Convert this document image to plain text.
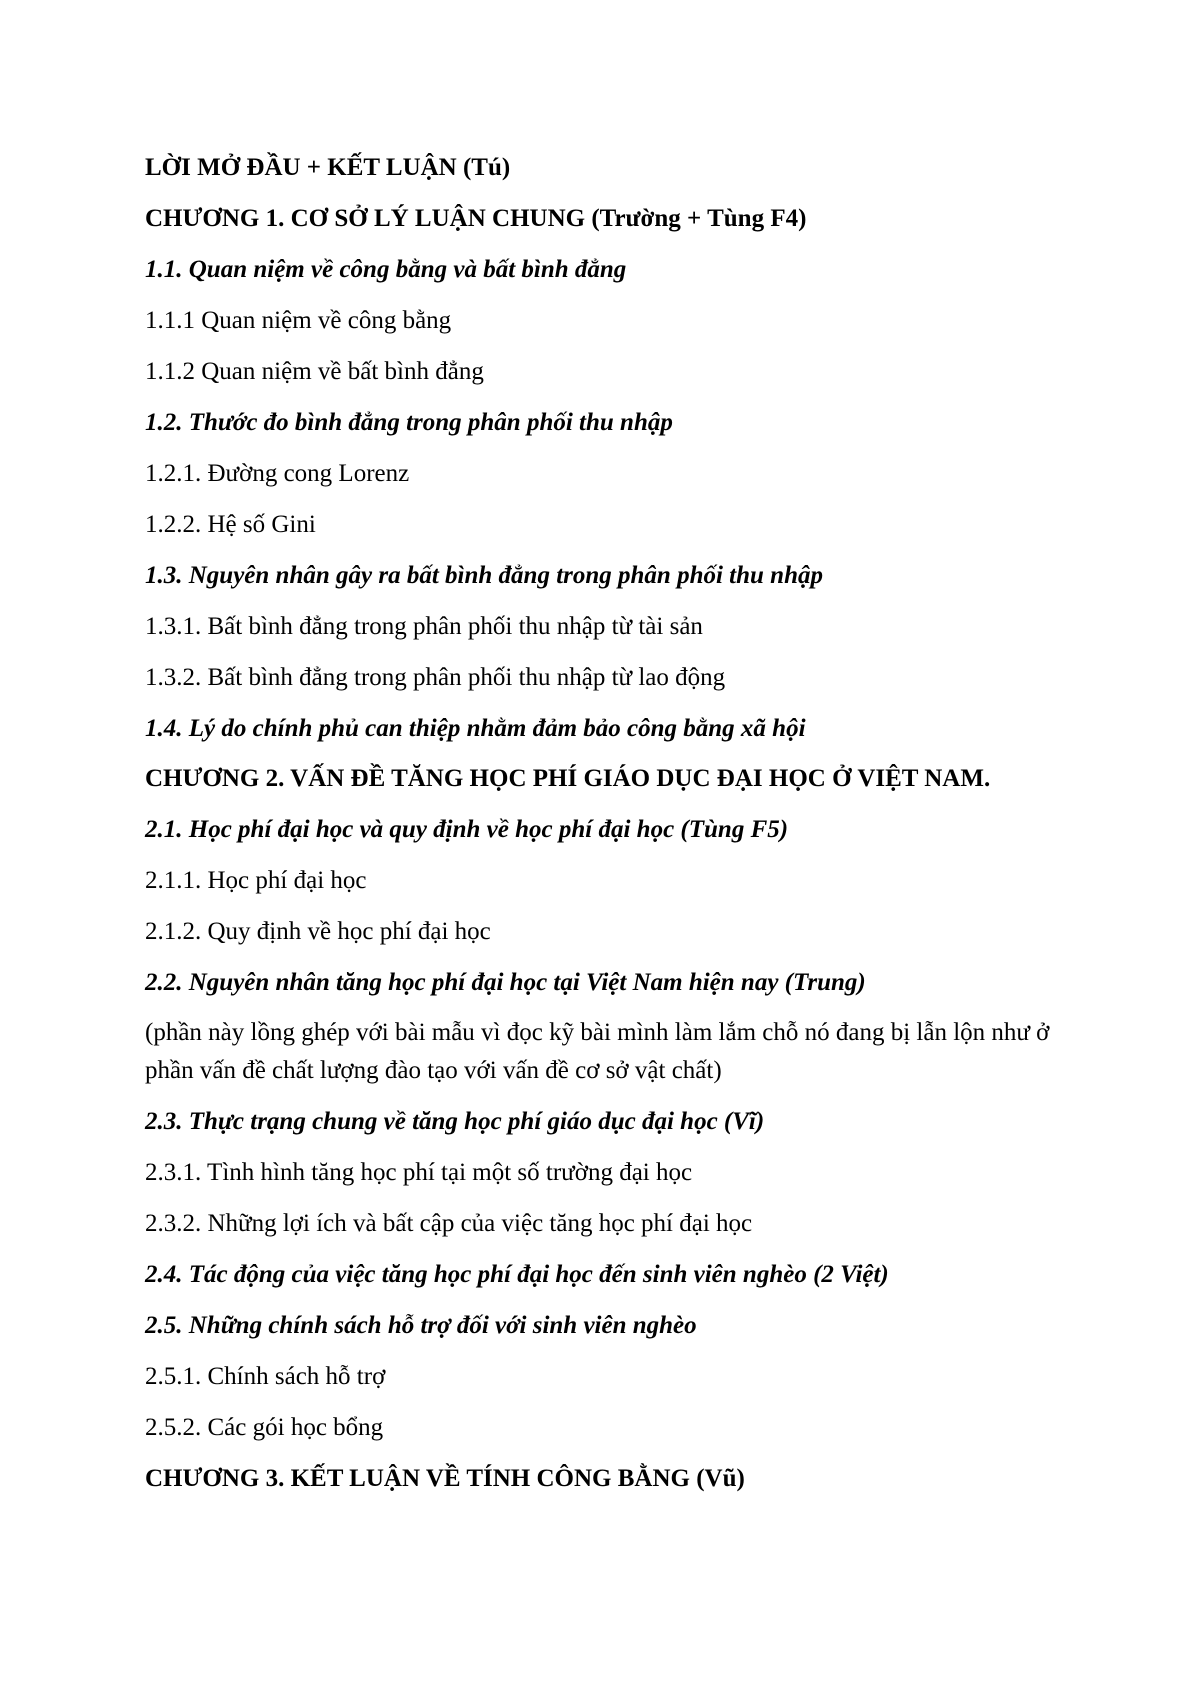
LỜI MỞ ĐẦU + KẾT LUẬN (Tú)
CHƯƠNG 1. CƠ SỞ LÝ LUẬN CHUNG (Trường + Tùng F4)
1.1. Quan niệm về công bằng và bất bình đẳng
1.1.1 Quan niệm về công bằng
1.1.2 Quan niệm về bất bình đẳng
1.2. Thước đo bình đẳng trong phân phối thu nhập
1.2.1. Đường cong Lorenz
1.2.2. Hệ số Gini
1.3. Nguyên nhân gây ra bất bình đẳng trong phân phối thu nhập
1.3.1. Bất bình đẳng trong phân phối thu nhập từ tài sản
1.3.2. Bất bình đẳng trong phân phối thu nhập từ lao động
1.4. Lý do chính phủ can thiệp nhằm đảm bảo công bằng xã hội
CHƯƠNG 2. VẤN ĐỀ TĂNG HỌC PHÍ GIÁO DỤC ĐẠI HỌC Ở VIỆT NAM.
2.1. Học phí đại học và quy định về học phí đại học (Tùng F5)
2.1.1. Học phí đại học
2.1.2. Quy định về học phí đại học
2.2. Nguyên nhân tăng học phí đại học tại Việt Nam hiện nay (Trung)
(phần này lồng ghép với bài mẫu vì đọc kỹ bài mình làm lắm chỗ nó đang bị lẫn lộn như ở phần vấn đề chất lượng đào tạo với vấn đề cơ sở vật chất)
2.3. Thực trạng chung về tăng học phí giáo dục đại học (Vĩ)
2.3.1. Tình hình tăng học phí tại một số trường đại học
2.3.2. Những lợi ích và bất cập của việc tăng học phí đại học
2.4. Tác động của việc tăng học phí đại học đến sinh viên nghèo (2 Việt)
2.5. Những chính sách hỗ trợ đối với sinh viên nghèo
2.5.1. Chính sách hỗ trợ
2.5.2. Các gói học bổng
CHƯƠNG 3. KẾT LUẬN VỀ TÍNH CÔNG BẰNG (Vũ)
